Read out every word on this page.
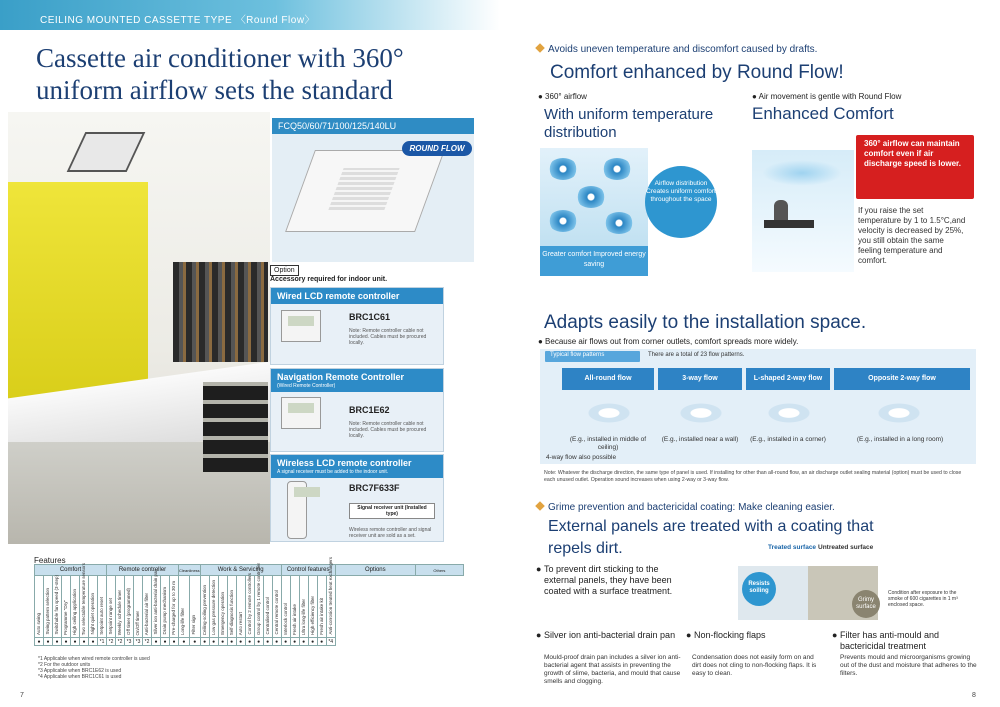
CEILING MOUNTED CASSETTE TYPE 〈Round Flow〉
Cassette air conditioner with 360°
uniform airflow sets the standard
FCQ50/60/71/100/125/140LU
ROUND FLOW
Option
Accessory required for indoor unit.
Wired LCD remote controller
BRC1C61
Note: Remote controller cable not included. Cables must be procured locally.
Navigation Remote Controller
(Wired Remote Controller)
BRC1E62
Note: Remote controller cable not included. Cables must be procured locally.
Wireless LCD remote controller
A signal receiver must be added to the indoor unit.
BRC7F633F
Signal receiver unit (Installed type)
Wireless remote controller and signal receiver unit are sold as a set.
Features
Comfort								Remote controller								Cleanliness		Work & Servicing									Control features						Options	Others

Auto swing	Swing pattern selection	Switchable fan speed (3-step)	Programme "Dry"	High ceiling application	Two selectable temperature sensors	Night quiet operation	Setpoint auto reset	Setpoint range set	Weekly schedule timer	Off timer (programmed)	On/Off timer	Anti-bacterial air filter	Silver ion anti-bacterial drain pan	Drain pump mechanism	Pre-charged for up to 30 m	Long-life filter	Filter sign	Ceiling-soiling prevention	Low gas pressure detection	Emergency operation	Self-diagnosis function	Auto restart	Control by 2 remote controllers	Group control by 1 remote controller	Centralised control	Central remote control	Interlock control	Fresh air intake	Ultra long-life filter	High efficiency filter	Fresh air intake kit	Anti-corrosion treated heat exchangers		

●	●	●	●	●	●	●	*1	*2	*2	*3	*3	*2	●	●	●	●	●	●	●	●	●	●	●	●	●	●	●	●	●	●	●	*4		
*1 Applicable when wired remote controller is used
*2 For the outdoor units
*3 Applicable when BRC1E62 is used
*4 Applicable when BRC1C61 is used
7
Avoids uneven temperature and discomfort caused by drafts.
Comfort enhanced by Round Flow!
● 360° airflow
With uniform temperature distribution
Greater comfort Improved energy saving
Airflow distribution Creates uniform comfort throughout the space
● Air movement is gentle with Round Flow
Enhanced Comfort
360° airflow can maintain comfort even if air discharge speed is lower.
If you raise the set temperature by 1 to 1.5°C,and velocity is decreased by 25%, you still obtain the same feeling temperature and comfort.
Adapts easily to the installation space.
● Because air flows out from corner outlets, comfort spreads more widely.
Typical flow patterns	There are a total of 23 flow patterns.
All-round flow	3-way flow	L-shaped 2-way flow	Opposite 2-way flow
(E.g., installed in middle of ceiling)
(E.g., installed near a wall)	(E.g., installed in a corner)	(E.g., installed in a long room)
4-way flow also possible
Note: Whatever the discharge direction, the same type of panel is used. If installing for other than all-round flow, an air discharge outlet sealing material (option) must be used to close each unused outlet. Operation sound increases when using 2-way or 3-way flow.
Grime prevention and bactericidal coating: Make cleaning easier.
External panels are treated with a coating that
repels dirt.
● To prevent dirt sticking to the external panels, they have been coated with a surface treatment.
Treated surface Untreated surface
Resists soiling
Grimy surface
Condition after exposure to the smoke of 600 cigarettes in 1 m³ enclosed space.
● Silver ion anti-bacterial drain pan
Mould-proof drain pan includes a silver ion anti-bacterial agent that assists in preventing the growth of slime, bacteria, and mould that cause smells and clogging.
● Non-flocking flaps
Condensation does not easily form on and dirt does not cling to non-flocking flaps. It is easy to clean.
● Filter has anti-mould and bactericidal treatment
Prevents mould and microorganisms growing out of the dust and moisture that adheres to the filters.
8
